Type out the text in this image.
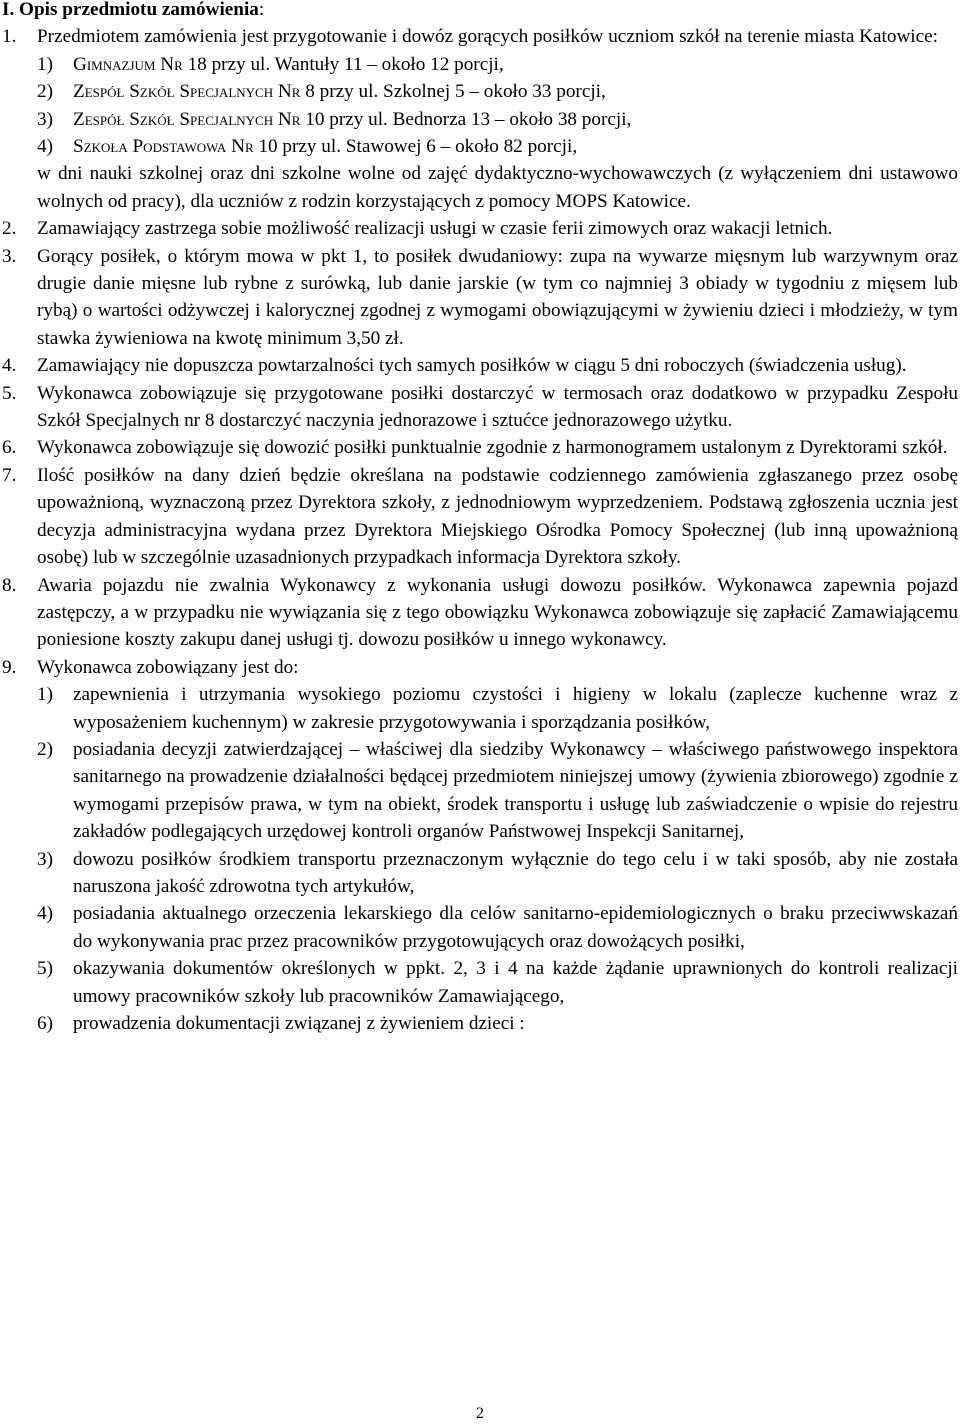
I. Opis przedmiotu zamówienia:
1.	Przedmiotem zamówienia jest przygotowanie i dowóz gorących posiłków uczniom szkół na terenie miasta Katowice:
1)	Gimnazjum Nr 18 przy ul. Wantuły 11 – około 12 porcji,
2)	Zespół Szkół Specjalnych Nr 8 przy ul. Szkolnej 5 – około 33 porcji,
3)	Zespół Szkół Specjalnych Nr 10 przy ul. Bednorza 13 – około 38 porcji,
4)	Szkoła Podstawowa Nr 10 przy ul. Stawowej 6 – około 82 porcji,
w dni nauki szkolnej oraz dni szkolne wolne od zajęć dydaktyczno-wychowawczych (z wyłączeniem dni ustawowo wolnych od pracy), dla uczniów z rodzin korzystających z pomocy MOPS Katowice.
2.	Zamawiający zastrzega sobie możliwość realizacji usługi w czasie ferii zimowych oraz wakacji letnich.
3.	Gorący posiłek, o którym mowa w pkt 1, to posiłek dwudaniowy: zupa na wywarze mięsnym lub warzywnym oraz drugie danie mięsne lub rybne z surówką, lub danie jarskie (w tym co najmniej 3 obiady w tygodniu z mięsem lub rybą) o wartości odżywczej i kalorycznej zgodnej z wymogami obowiązującymi w żywieniu dzieci i młodzieży, w tym stawka żywieniowa na kwotę minimum 3,50 zł.
4.	Zamawiający nie dopuszcza powtarzalności tych samych posiłków w ciągu 5 dni roboczych (świadczenia usług).
5.	Wykonawca zobowiązuje się przygotowane posiłki dostarczyć w termosach oraz dodatkowo w przypadku Zespołu Szkół Specjalnych nr 8 dostarczyć naczynia jednorazowe i sztućce jednorazowego użytku.
6.	Wykonawca zobowiązuje się dowozić posiłki punktualnie zgodnie z harmonogramem ustalonym z Dyrektorami szkół.
7.	Ilość posiłków na dany dzień będzie określana na podstawie codziennego zamówienia zgłaszanego przez osobę upoważnioną, wyznaczoną przez Dyrektora szkoły, z jednodniowym wyprzedzeniem. Podstawą zgłoszenia ucznia jest decyzja administracyjna wydana przez Dyrektora Miejskiego Ośrodka Pomocy Społecznej (lub inną upoważnioną osobę) lub w szczególnie uzasadnionych przypadkach informacja Dyrektora szkoły.
8.	Awaria pojazdu nie zwalnia Wykonawcy z wykonania usługi dowozu posiłków. Wykonawca zapewnia pojazd zastępczy, a w przypadku nie wywiązania się z tego obowiązku Wykonawca zobowiązuje się zapłacić Zamawiającemu poniesione koszty zakupu danej usługi tj. dowozu posiłków u innego wykonawcy.
9.	Wykonawca zobowiązany jest do:
1)	zapewnienia i utrzymania wysokiego poziomu czystości i higieny w lokalu (zaplecze kuchenne wraz z wyposażeniem kuchennym) w zakresie przygotowywania i sporządzania posiłków,
2)	posiadania decyzji zatwierdzającej – właściwej dla siedziby Wykonawcy – właściwego państwowego inspektora sanitarnego na prowadzenie działalności będącej przedmiotem niniejszej umowy (żywienia zbiorowego) zgodnie z wymogami przepisów prawa, w tym na obiekt, środek transportu i usługę lub zaświadczenie o wpisie do rejestru zakładów podlegających urzędowej kontroli organów Państwowej Inspekcji Sanitarnej,
3)	dowozu posiłków środkiem transportu przeznaczonym wyłącznie do tego celu i w taki sposób, aby nie została naruszona jakość zdrowotna tych artykułów,
4)	posiadania aktualnego orzeczenia lekarskiego dla celów sanitarno-epidemiologicznych o braku przeciwwskazań do wykonywania prac przez pracowników przygotowujących oraz dowożących posiłki,
5)	okazywania dokumentów określonych w ppkt. 2, 3 i 4 na każde żądanie uprawnionych do kontroli realizacji umowy pracowników szkoły lub pracowników Zamawiającego,
6)	prowadzenia dokumentacji związanej z żywieniem dzieci :
2
